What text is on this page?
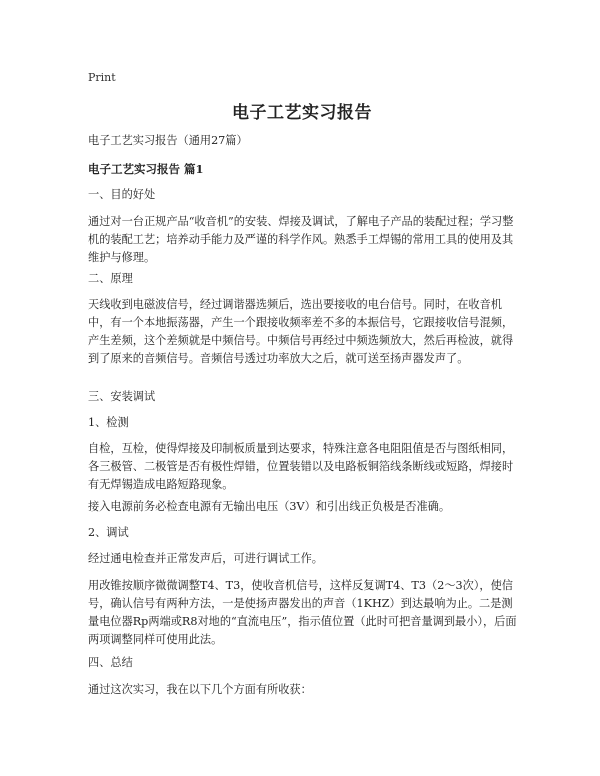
Print
电子工艺实习报告

电子工艺实习报告（通用27篇）

电子工艺实习报告 篇1

一、目的好处

通过对一台正规产品“收音机”的安装、焊接及调试，了解电子产品的装配过程；学习整机的装配工艺；培养动手能力及严谨的科学作风。熟悉手工焊锡的常用工具的使用及其维护与修理。

二、原理

天线收到电磁波信号，经过调谐器选频后，选出要接收的电台信号。同时，在收音机中，有一个本地振荡器，产生一个跟接收频率差不多的本振信号，它跟接收信号混频，产生差频，这个差频就是中频信号。中频信号再经过中频选频放大，然后再检波，就得到了原来的音频信号。音频信号透过功率放大之后，就可送至扬声器发声了。

三、安装调试

1、检测

自检，互检，使得焊接及印制板质量到达要求，特殊注意各电阻阻值是否与图纸相同，各三极管、二极管是否有极性焊错，位置装错以及电路板铜箔线条断线或短路，焊接时有无焊锡造成电路短路现象。

接入电源前务必检查电源有无输出电压（3V）和引出线正负极是否准确。

2、调试

经过通电检查并正常发声后，可进行调试工作。

用改锥按顺序微微调整T4、T3，使收音机信号，这样反复调T4、T3（2～3次），使信号，确认信号有两种方法，一是使扬声器发出的声音（1KHZ）到达最响为止。二是测量电位器Rp两端或R8对地的“直流电压”，指示值位置（此时可把音量调到最小），后面两项调整同样可使用此法。

四、总结

通过这次实习，我在以下几个方面有所收获：
